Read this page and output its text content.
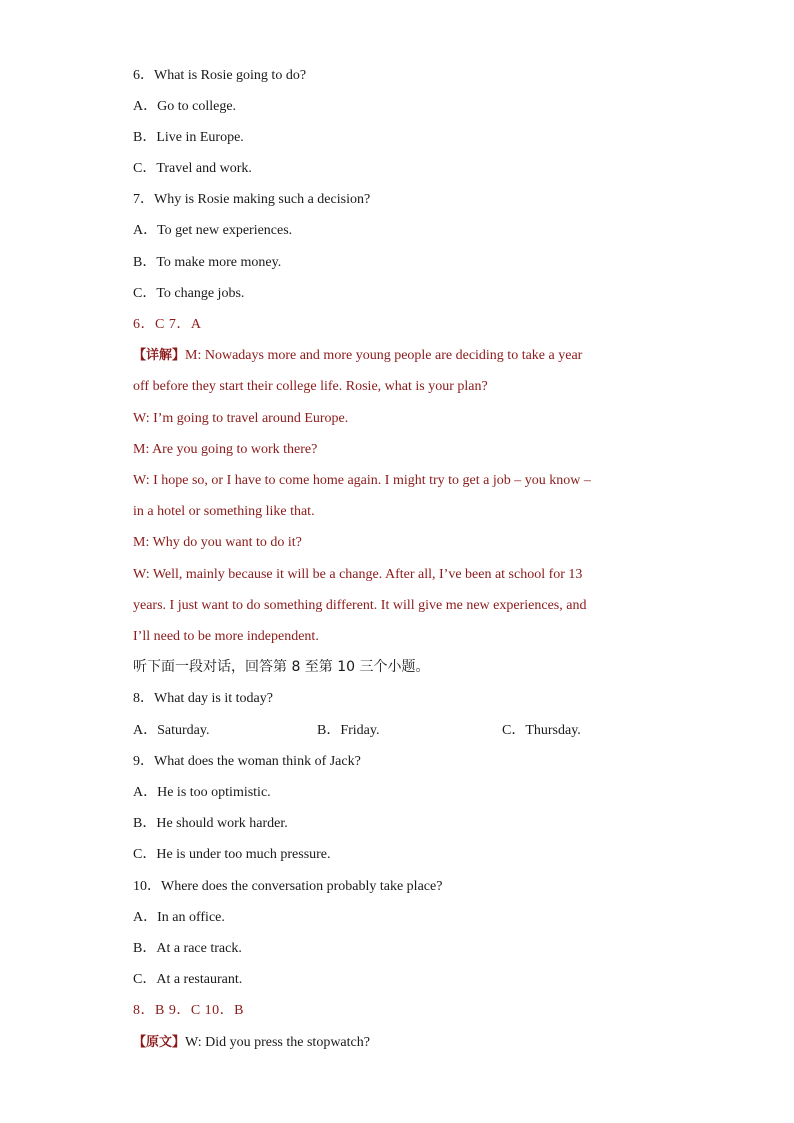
6．What is Rosie going to do?
A．Go to college.
B．Live in Europe.
C．Travel and work.
7．Why is Rosie making such a decision?
A．To get new experiences.
B．To make more money.
C．To change jobs.
6．C 7．A
【详解】M: Nowadays more and more young people are deciding to take a year
off before they start their college life. Rosie, what is your plan?
W: I’m going to travel around Europe.
M: Are you going to work there?
W: I hope so, or I have to come home again. I might try to get a job – you know –
in a hotel or something like that.
M: Why do you want to do it?
W: Well, mainly because it will be a change. After all, I’ve been at school for 13
years. I just want to do something different. It will give me new experiences, and
I’ll need to be more independent.
听下面一段对话，回答第 8 至第 10 三个小题。
8．What day is it today?
A．Saturday.	B．Friday.	C．Thursday.
9．What does the woman think of Jack?
A．He is too optimistic.
B．He should work harder.
C．He is under too much pressure.
10．Where does the conversation probably take place?
A．In an office.
B．At a race track.
C．At a restaurant.
8．B 9．C 10．B
【原文】W: Did you press the stopwatch?
